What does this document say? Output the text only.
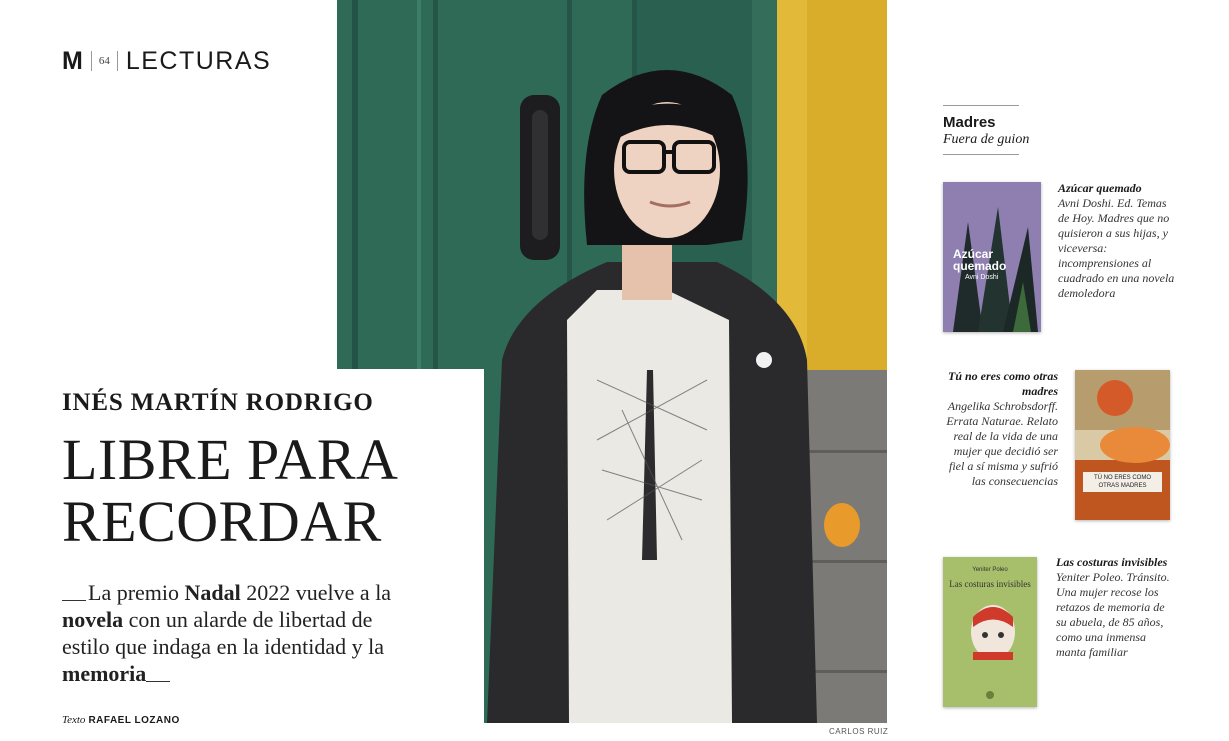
M 64 LECTURAS
CARLOS RUIZ
INÉS MARTÍN RODRIGO
LIBRE PARA
RECORDAR
La premio Nadal 2022 vuelve a la novela con un alarde de libertad de estilo que indaga en la identidad y la memoria
Texto RAFAEL LOZANO
Madres
Fuera de guion
Azúcar quemado
Avni Doshi
Azúcar quemado
Avni Doshi. Ed. Temas de Hoy. Madres que no quisieron a sus hijas, y viceversa: incomprensiones al cuadrado en una novela demoledora
Tú no eres como otras madres
Angelika Schrobsdorff. Errata Naturae. Relato real de la vida de una mujer que decidió ser fiel a sí misma y sufrió las consecuencias	TÚ NO ERES COMO OTRAS MADRES
Yeniter Poleo
Las costuras invisibles
Las costuras invisibles
Yeniter Poleo. Tránsito. Una mujer recose los retazos de memoria de su abuela, de 85 años, como una inmensa manta familiar
